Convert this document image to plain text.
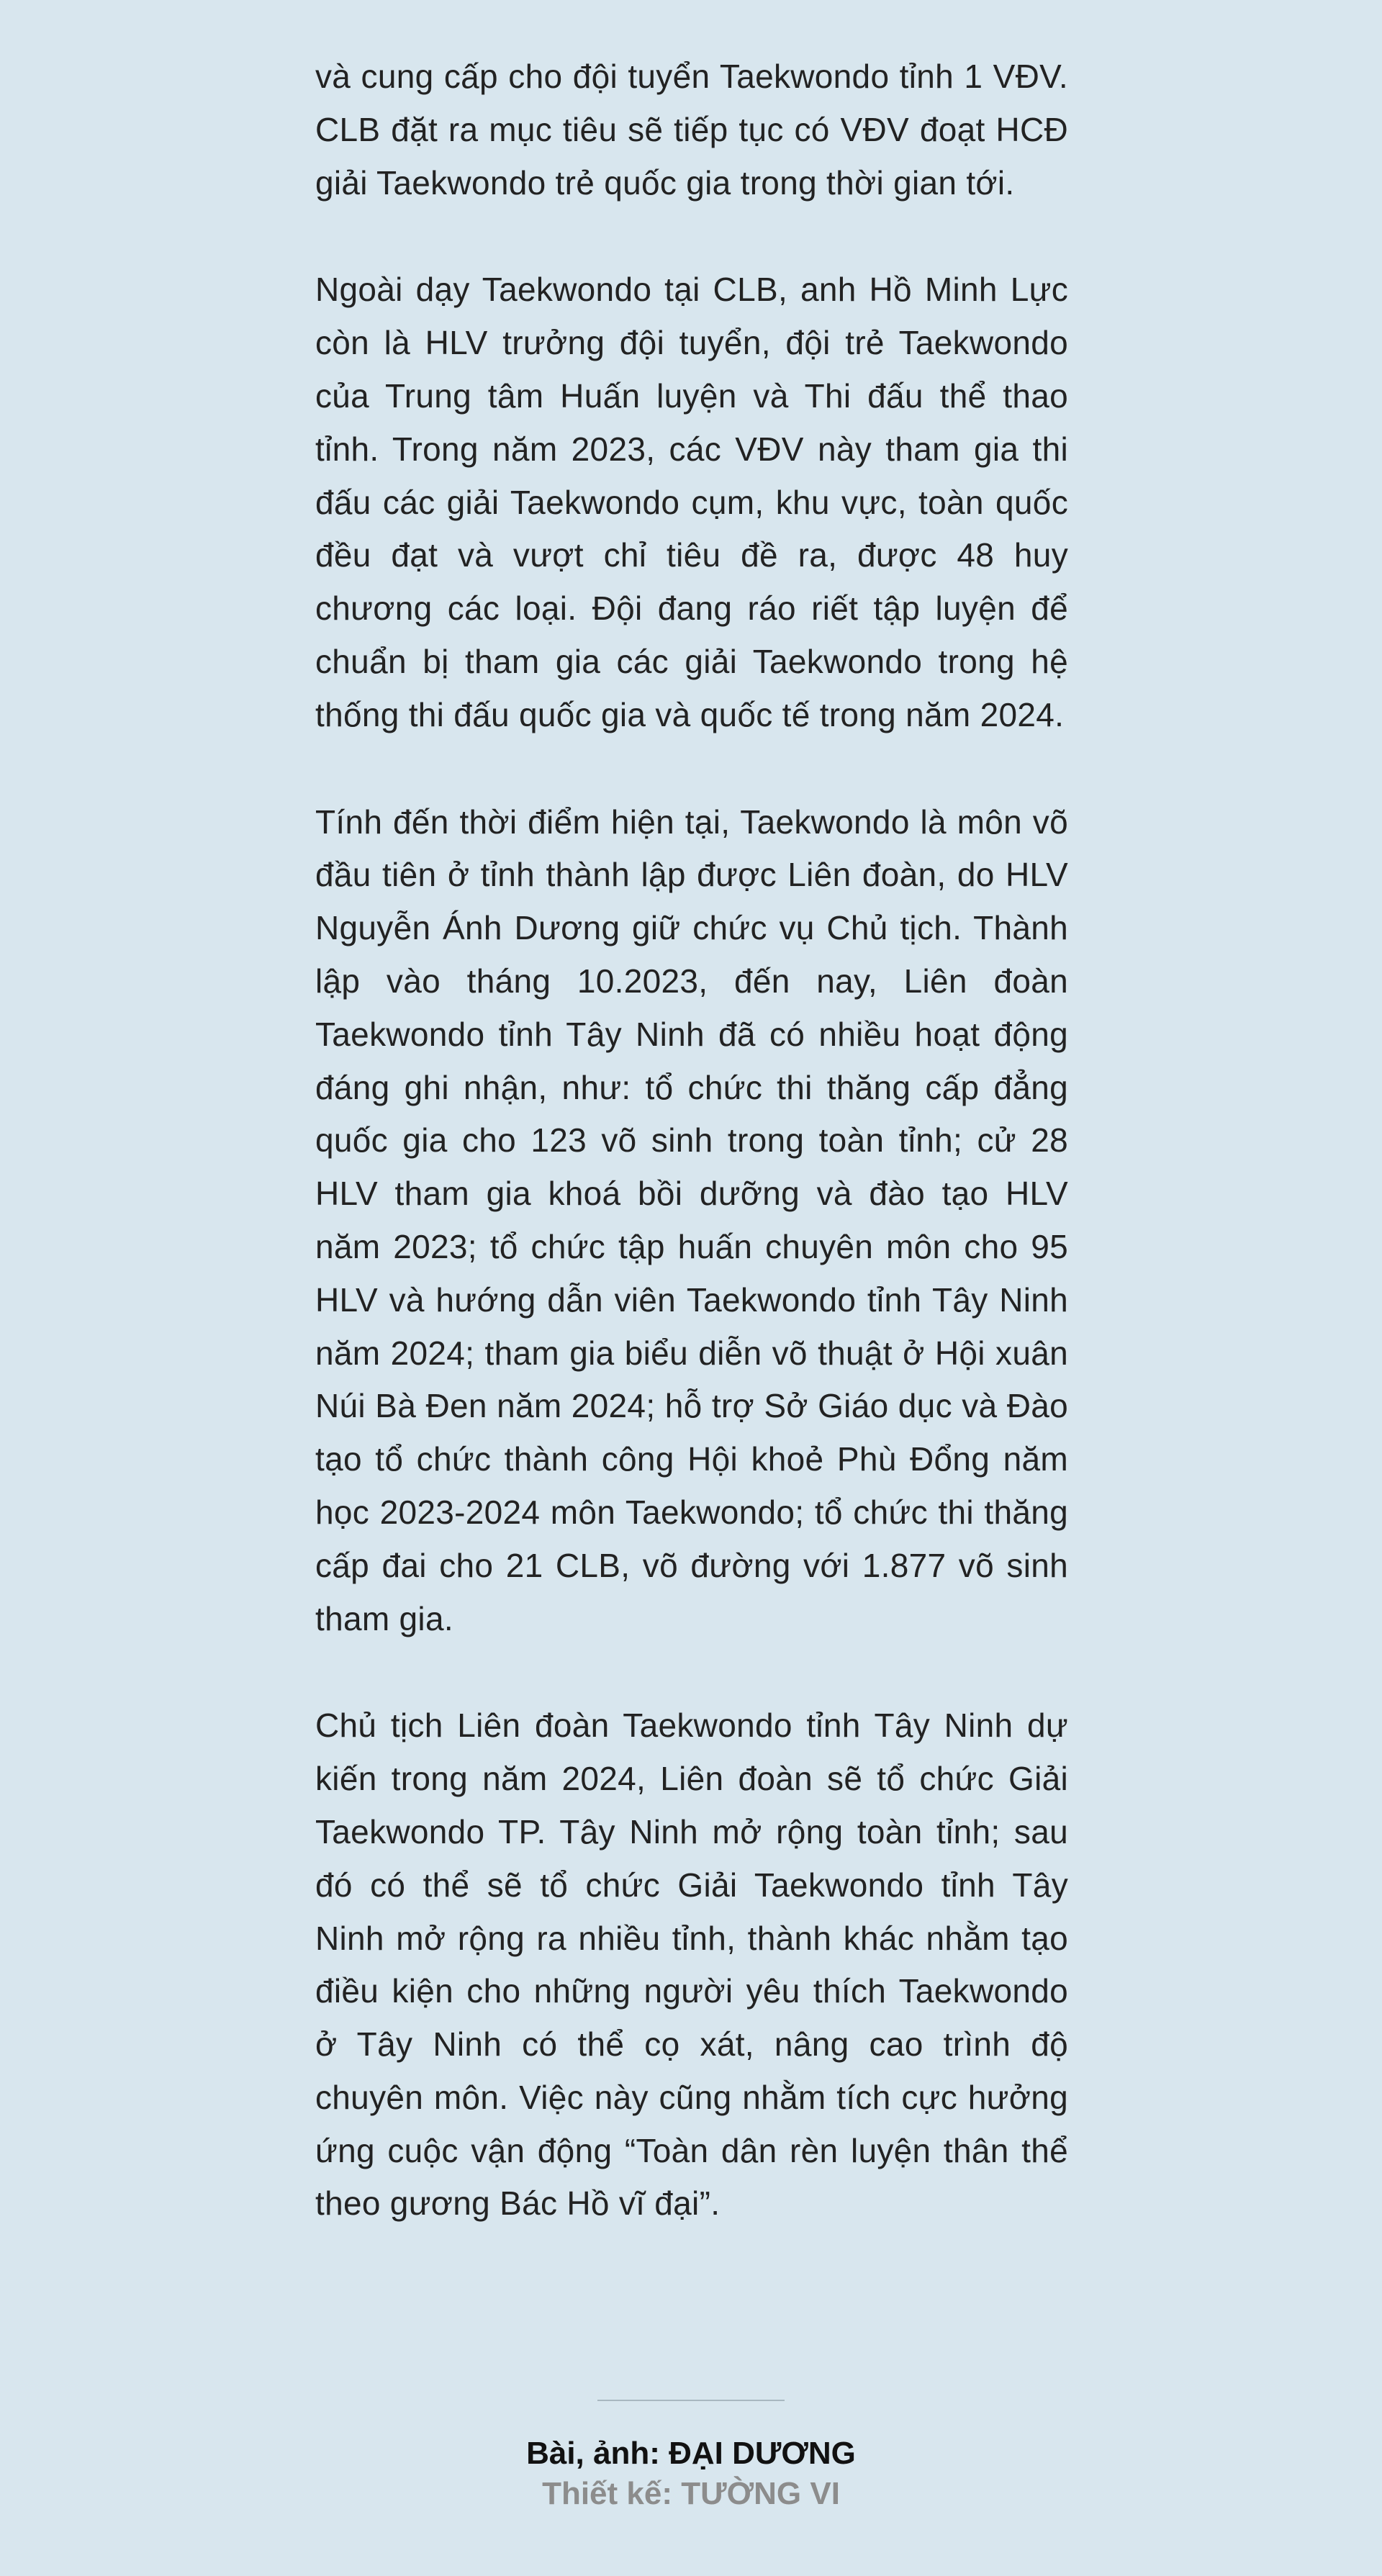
và cung cấp cho đội tuyển Taekwondo tỉnh 1 VĐV. CLB đặt ra mục tiêu sẽ tiếp tục có VĐV đoạt HCĐ giải Taekwondo trẻ quốc gia trong thời gian tới.

Ngoài dạy Taekwondo tại CLB, anh Hồ Minh Lực còn là HLV trưởng đội tuyển, đội trẻ Taekwondo của Trung tâm Huấn luyện và Thi đấu thể thao tỉnh. Trong năm 2023, các VĐV này tham gia thi đấu các giải Taekwondo cụm, khu vực, toàn quốc đều đạt và vượt chỉ tiêu đề ra, được 48 huy chương các loại. Đội đang ráo riết tập luyện để chuẩn bị tham gia các giải Taekwondo trong hệ thống thi đấu quốc gia và quốc tế trong năm 2024.

Tính đến thời điểm hiện tại, Taekwondo là môn võ đầu tiên ở tỉnh thành lập được Liên đoàn, do HLV Nguyễn Ánh Dương giữ chức vụ Chủ tịch. Thành lập vào tháng 10.2023, đến nay, Liên đoàn Taekwondo tỉnh Tây Ninh đã có nhiều hoạt động đáng ghi nhận, như: tổ chức thi thăng cấp đẳng quốc gia cho 123 võ sinh trong toàn tỉnh; cử 28 HLV tham gia khoá bồi dưỡng và đào tạo HLV năm 2023; tổ chức tập huấn chuyên môn cho 95 HLV và hướng dẫn viên Taekwondo tỉnh Tây Ninh năm 2024; tham gia biểu diễn võ thuật ở Hội xuân Núi Bà Đen năm 2024; hỗ trợ Sở Giáo dục và Đào tạo tổ chức thành công Hội khoẻ Phù Đổng năm học 2023-2024 môn Taekwondo; tổ chức thi thăng cấp đai cho 21 CLB, võ đường với 1.877 võ sinh tham gia.

Chủ tịch Liên đoàn Taekwondo tỉnh Tây Ninh dự kiến trong năm 2024, Liên đoàn sẽ tổ chức Giải Taekwondo TP. Tây Ninh mở rộng toàn tỉnh; sau đó có thể sẽ tổ chức Giải Taekwondo tỉnh Tây Ninh mở rộng ra nhiều tỉnh, thành khác nhằm tạo điều kiện cho những người yêu thích Taekwondo ở Tây Ninh có thể cọ xát, nâng cao trình độ chuyên môn. Việc này cũng nhằm tích cực hưởng ứng cuộc vận động “Toàn dân rèn luyện thân thể theo gương Bác Hồ vĩ đại”.

Bài, ảnh: ĐẠI DƯƠNG
Thiết kế: TƯỜNG VI
